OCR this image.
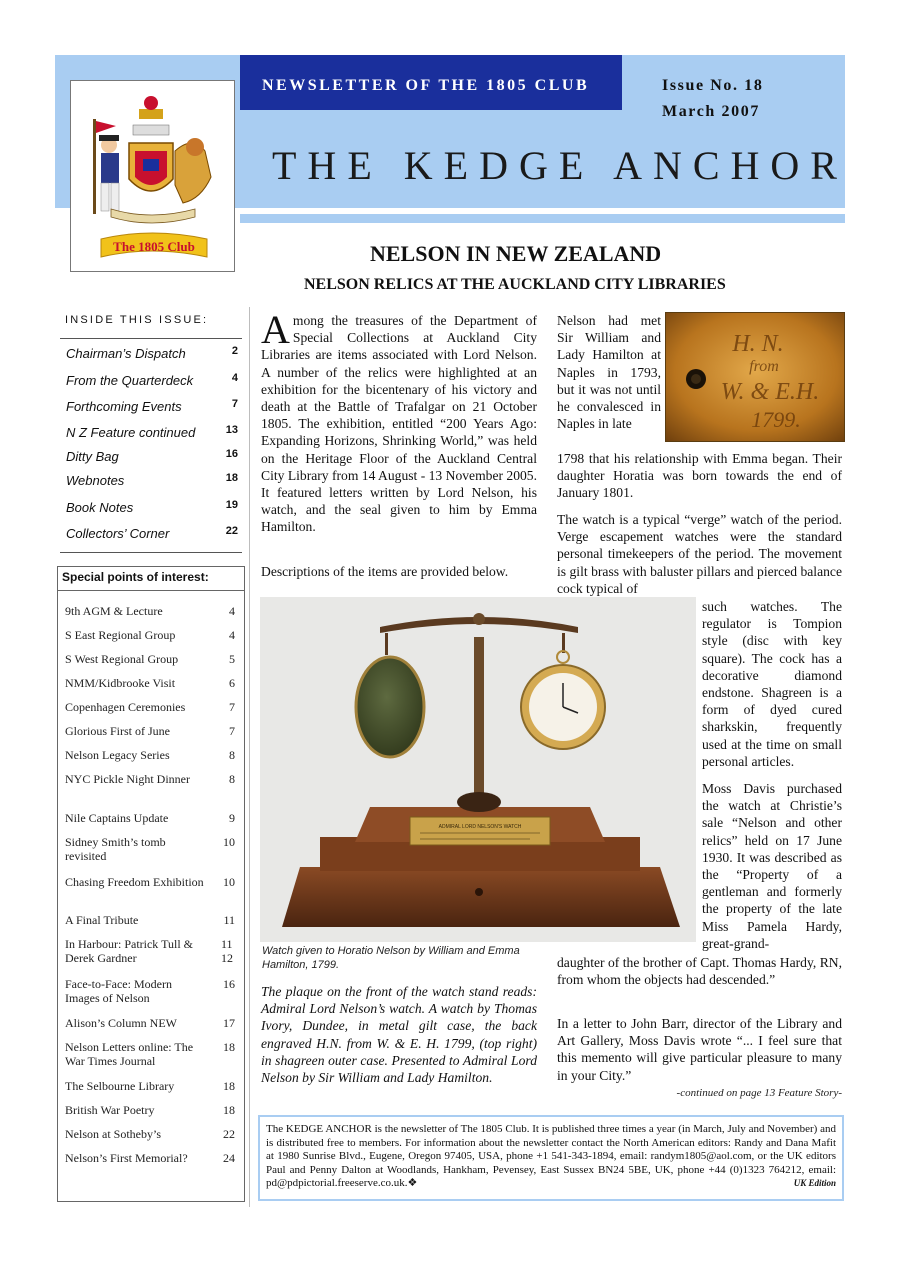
NEWSLETTER OF THE 1805 CLUB	Issue No. 18
March 2007
THE KEDGE ANCHOR
The 1805 Club	NELSON IN NEW ZEALAND
NELSON RELICS AT THE AUCKLAND CITY LIBRARIES
INSIDE THIS ISSUE:
Chairman’s Dispatch	2
From the Quarterdeck	4
Forthcoming Events	7
N Z Feature continued	13
Ditty Bag	16
Webnotes	18
Book Notes	19
Collectors’ Corner	22
Special points of interest:
9th AGM & Lecture	4
S East Regional Group	4
S West Regional Group	5
NMM/Kidbrooke Visit	6
Copenhagen Ceremonies	7
Glorious First of June	7
Nelson Legacy Series	8
NYC Pickle Night Dinner	8
Nile Captains Update	9
Sidney Smith’s tomb revisited
10
Chasing Freedom Exhibition 10
A Final Tribute	11
In Harbour: Patrick Tull & Derek Gardner
11 12
Face-to-Face: Modern Images of Nelson
16
Alison’s Column NEW	17
Nelson Letters online: The War Times Journal
18
The Selbourne Library	18
British War Poetry	18
Nelson at Sotheby’s	22
Nelson’s First Memorial?	24
Among the treasures of the Department of Special Collections at Auckland City Libraries are items associated with Lord Nelson. A number of the relics were highlighted at an exhibition for the bicentenary of his victory and death at the Battle of Trafalgar on 21 October 1805. The exhibition, entitled “200 Years Ago: Expanding Horizons, Shrinking World,” was held on the Heritage Floor of the Auckland Central City Library from 14 August - 13 November 2005. It featured letters written by Lord Nelson, his watch, and the seal given to him by Emma Hamilton.
Descriptions of the items are provided below.
Nelson had met Sir William and Lady Hamilton at Naples in 1793, but it was not until he convalesced in Naples in late
1798 that his relationship with Emma began. Their daughter Horatia was born towards the end of January 1801.
The watch is a typical “verge” watch of the period. Verge escapement watches were the standard personal timekeepers of the period. The movement is gilt brass with baluster pillars and pierced balance cock typical of
such watches. The regulator is Tompion style (disc with key square). The cock has a decorative diamond endstone. Shagreen is a form of dyed cured sharkskin, frequently used at the time on small personal articles.
Moss Davis purchased the watch at Christie’s sale “Nelson and other relics” held on 17 June 1930. It was described as the “Property of a gentleman and formerly the property of the late Miss Pamela Hardy, great-grand-
daughter of the brother of Capt. Thomas Hardy, RN, from whom the objects had descended.”
In a letter to John Barr, director of the Library and Art Gallery, Moss Davis wrote “... I feel sure that this memento will give particular pleasure to many in your City.”
-continued on page 13 Feature Story-
H. N.
from
W. & E.H.
1799.
ADMIRAL LORD NELSON'S WATCH
Watch given to Horatio Nelson by William and Emma Hamilton, 1799.
The plaque on the front of the watch stand reads: Admiral Lord Nelson’s watch. A watch by Thomas Ivory, Dundee, in metal gilt case, the back engraved H.N. from W. & E. H. 1799, (top right) in shagreen outer case. Presented to Admiral Lord Nelson by Sir William and Lady Hamilton.
The KEDGE ANCHOR is the newsletter of The 1805 Club. It is published three times a year (in March, July and November) and is distributed free to members. For information about the newsletter contact the North American editors: Randy and Dana Mafit at 1980 Sunrise Blvd., Eugene, Oregon 97405, USA, phone +1 541-343-1894, email: randym1805@aol.com, or the UK editors Paul and Penny Dalton at Woodlands, Hankham, Pevensey, East Sussex BN24 5BE, UK, phone +44 (0)1323 764212, email: pd@pdpictorial.freeserve.co.uk.❖	UK Edition
